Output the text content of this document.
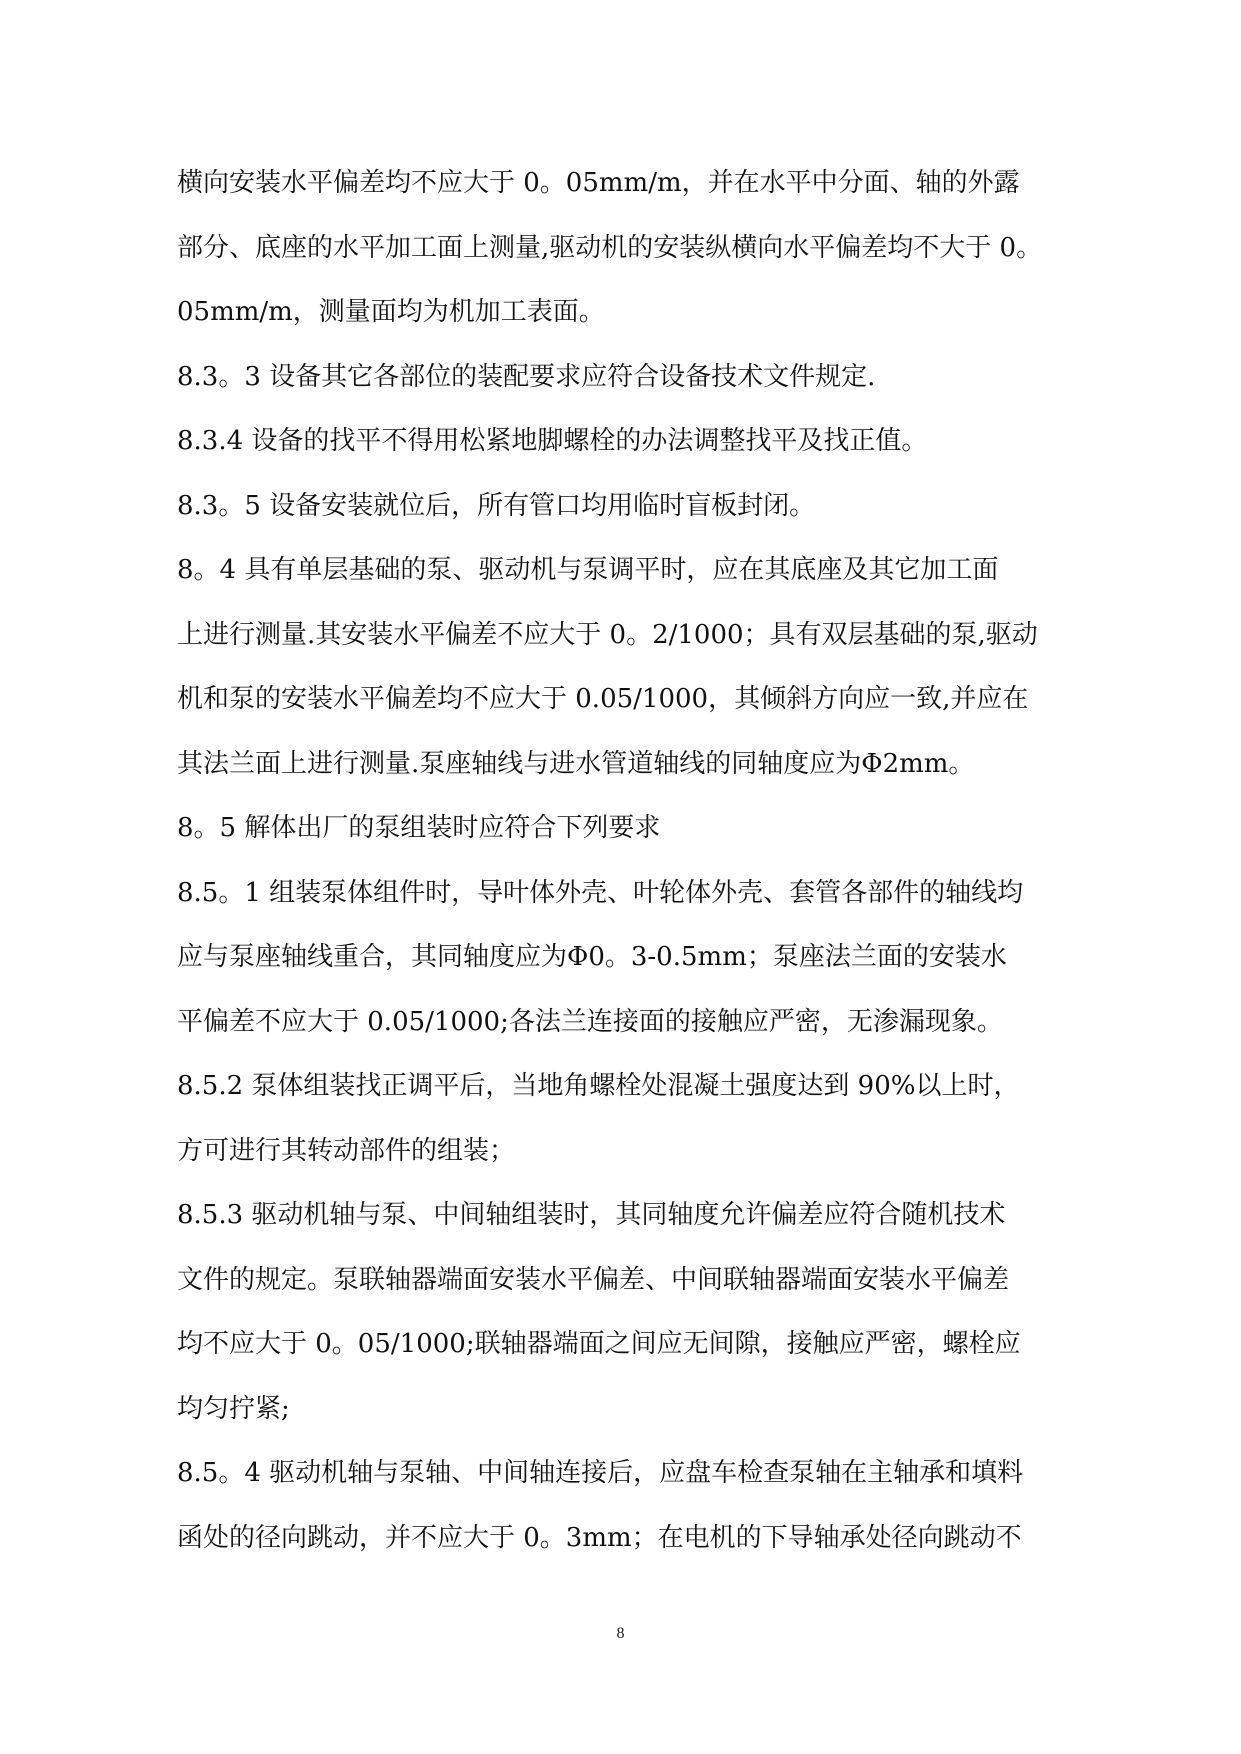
横向安装水平偏差均不应大于 0。05mm/m，并在水平中分面、轴的外露
部分、底座的水平加工面上测量,驱动机的安装纵横向水平偏差均不大于 0。
05mm/m，测量面均为机加工表面。
8.3。3 设备其它各部位的装配要求应符合设备技术文件规定.
8.3.4 设备的找平不得用松紧地脚螺栓的办法调整找平及找正值。
8.3。5 设备安装就位后，所有管口均用临时盲板封闭。
8。4 具有单层基础的泵、驱动机与泵调平时，应在其底座及其它加工面
上进行测量.其安装水平偏差不应大于 0。2/1000；具有双层基础的泵,驱动
机和泵的安装水平偏差均不应大于 0.05/1000，其倾斜方向应一致,并应在
其法兰面上进行测量.泵座轴线与进水管道轴线的同轴度应为Φ2mm。
8。5 解体出厂的泵组装时应符合下列要求
8.5。1 组装泵体组件时，导叶体外壳、叶轮体外壳、套管各部件的轴线均
应与泵座轴线重合，其同轴度应为Φ0。3-0.5mm；泵座法兰面的安装水
平偏差不应大于 0.05/1000;各法兰连接面的接触应严密，无渗漏现象。
8.5.2 泵体组装找正调平后，当地角螺栓处混凝土强度达到 90%以上时，
方可进行其转动部件的组装；
8.5.3 驱动机轴与泵、中间轴组装时，其同轴度允许偏差应符合随机技术
文件的规定。泵联轴器端面安装水平偏差、中间联轴器端面安装水平偏差
均不应大于 0。05/1000;联轴器端面之间应无间隙，接触应严密，螺栓应
均匀拧紧;
8.5。4 驱动机轴与泵轴、中间轴连接后，应盘车检查泵轴在主轴承和填料
函处的径向跳动，并不应大于 0。3mm；在电机的下导轴承处径向跳动不
8
